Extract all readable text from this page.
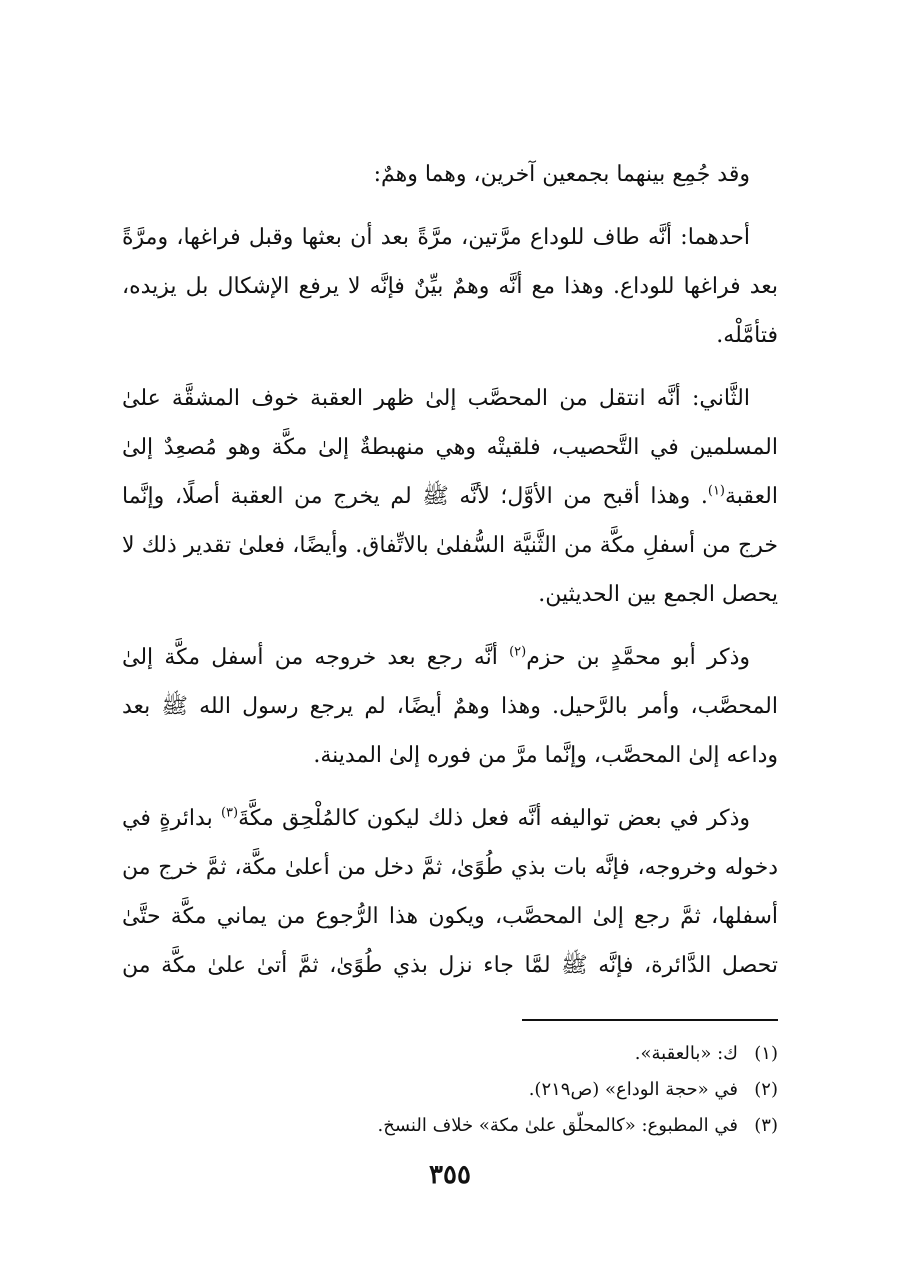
وقد جُمِع بينهما بجمعين آخرين، وهما وهمٌ:
أحدهما: أنَّه طاف للوداع مرَّتين، مرَّةً بعد أن بعثها وقبل فراغها، ومرَّةً
بعد فراغها للوداع. وهذا مع أنَّه وهمٌ بيِّنٌ فإنَّه لا يرفع الإشكال بل يزيده،
فتأمَّلْه.
الثَّاني: أنَّه انتقل من المحصَّب إلىٰ ظهر العقبة خوف المشقَّة علىٰ
المسلمين في التَّحصيب، فلقيتْه وهي منهبطةٌ إلىٰ مكَّة وهو مُصعِدٌ إلىٰ
العقبة$^{(١)}$. وهذا أقبح من الأوَّل؛ لأنَّه ﷺ لم يخرج من العقبة أصلًا، وإنَّما
خرج من أسفلِ مكَّة من الثَّنيَّة السُّفلىٰ بالاتِّفاق. وأيضًا، فعلىٰ تقدير ذلك لا
يحصل الجمع بين الحديثين.
وذكر أبو محمَّدٍ بن حزم$^{(٢)}$ أنَّه رجع بعد خروجه من أسفل مكَّة إلىٰ
المحصَّب، وأمر بالرَّحيل. وهذا وهمٌ أيضًا، لم يرجع رسول الله ﷺ بعد
وداعه إلىٰ المحصَّب، وإنَّما مرَّ من فوره إلىٰ المدينة.
وذكر في بعض تواليفه أنَّه فعل ذلك ليكون كالمُلْحِق مكَّةَ$^{(٣)}$ بدائرةٍ في
دخوله وخروجه، فإنَّه بات بذي طُوًىٰ، ثمَّ دخل من أعلىٰ مكَّة، ثمَّ خرج من
أسفلها، ثمَّ رجع إلىٰ المحصَّب، ويكون هذا الرُّجوع من يماني مكَّة حتَّىٰ
تحصل الدَّائرة، فإنَّه ﷺ لمَّا جاء نزل بذي طُوًىٰ، ثمَّ أتىٰ علىٰ مكَّة من
(١)ك: «بالعقبة».
(٢)في «حجة الوداع» (ص٢١٩).
(٣)في المطبوع: «كالمحلّق علىٰ مكة» خلاف النسخ.
٣٥٥
